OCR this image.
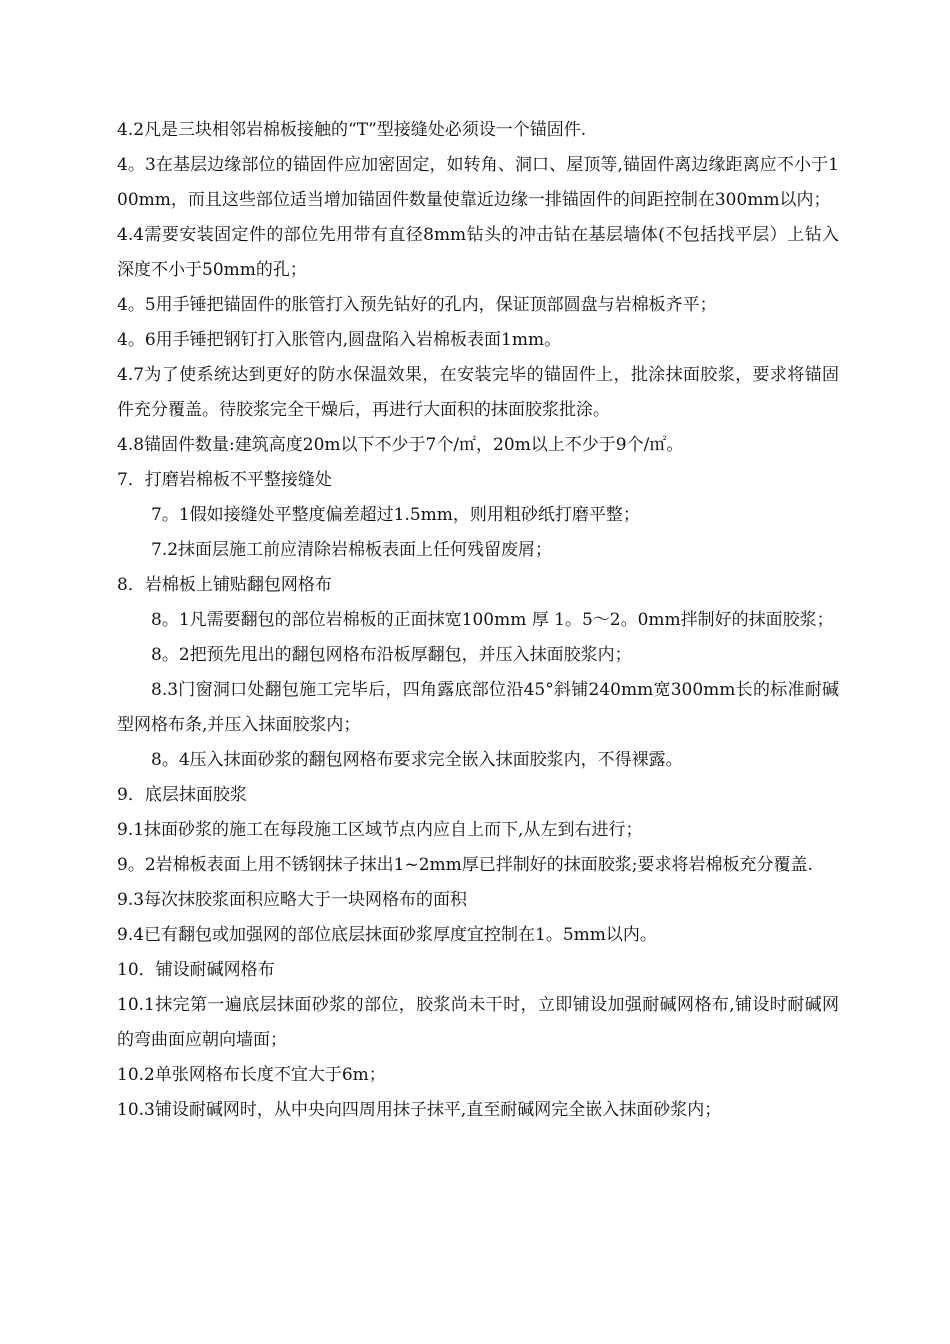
4.2凡是三块相邻岩棉板接触的“T”型接缝处必须设一个锚固件.

4。3在基层边缘部位的锚固件应加密固定，如转角、洞口、屋顶等,锚固件离边缘距离应不小于100mm，而且这些部位适当增加锚固件数量使靠近边缘一排锚固件的间距控制在300mm以内；

4.4需要安装固定件的部位先用带有直径8mm钻头的冲击钻在基层墙体(不包括找平层）上钻入深度不小于50mm的孔；

4。5用手锤把锚固件的胀管打入预先钻好的孔内，保证顶部圆盘与岩棉板齐平；

4。6用手锤把钢钉打入胀管内,圆盘陷入岩棉板表面1mm。

4.7为了使系统达到更好的防水保温效果，在安装完毕的锚固件上，批涂抹面胶浆，要求将锚固件充分覆盖。待胶浆完全干燥后，再进行大面积的抹面胶浆批涂。

4.8锚固件数量:建筑高度20m以下不少于7个/㎡，20m以上不少于9个/㎡。

7．打磨岩棉板不平整接缝处

7。1假如接缝处平整度偏差超过1.5mm，则用粗砂纸打磨平整；

7.2抹面层施工前应清除岩棉板表面上任何残留废屑；

8．岩棉板上铺贴翻包网格布

8。1凡需要翻包的部位岩棉板的正面抹宽100mm 厚 1。5～2。0mm拌制好的抹面胶浆；

8。2把预先甩出的翻包网格布沿板厚翻包，并压入抹面胶浆内；

8.3门窗洞口处翻包施工完毕后，四角露底部位沿45°斜铺240mm宽300mm长的标准耐碱型网格布条,并压入抹面胶浆内；

8。4压入抹面砂浆的翻包网格布要求完全嵌入抹面胶浆内，不得裸露。

9．底层抹面胶浆

9.1抹面砂浆的施工在每段施工区域节点内应自上而下,从左到右进行；

9。2岩棉板表面上用不锈钢抹子抹出1~2mm厚已拌制好的抹面胶浆;要求将岩棉板充分覆盖.

9.3每次抹胶浆面积应略大于一块网格布的面积

9.4已有翻包或加强网的部位底层抹面砂浆厚度宜控制在1。5mm以内。

10．铺设耐碱网格布

10.1抹完第一遍底层抹面砂浆的部位，胶浆尚未干时，立即铺设加强耐碱网格布,铺设时耐碱网的弯曲面应朝向墙面；

10.2单张网格布长度不宜大于6m；

10.3铺设耐碱网时，从中央向四周用抹子抹平,直至耐碱网完全嵌入抹面砂浆内；
